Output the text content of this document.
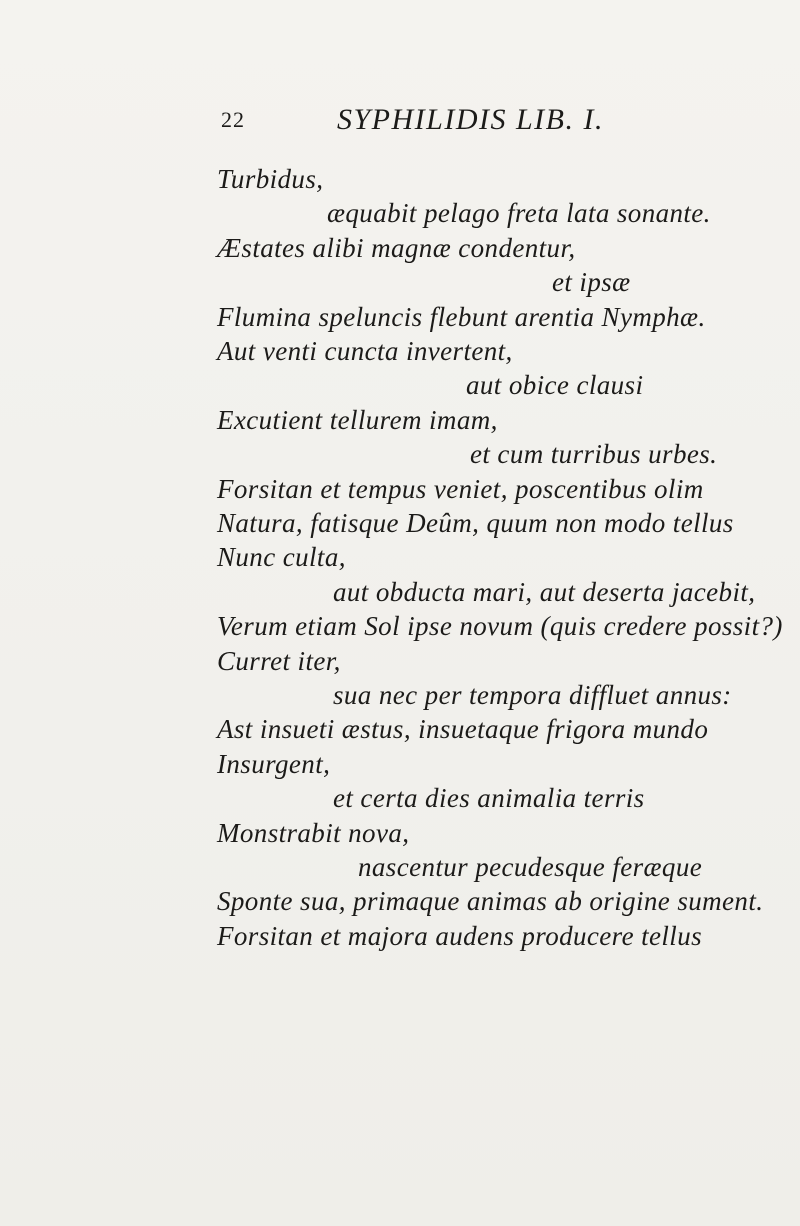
22	SYPHILIDIS LIB. I.
Turbidus,
æquabit pelago freta lata sonante.
Æstates alibi magnæ condentur,
et ipsæ
Flumina speluncis flebunt arentia Nymphæ.
Aut venti cuncta invertent,
aut obice clausi
Excutient tellurem imam,
et cum turribus urbes.
Forsitan et tempus veniet, poscentibus olim
Natura, fatisque Deûm, quum non modo tellus
Nunc culta,
aut obducta mari, aut deserta jacebit,
Verum etiam Sol ipse novum (quis credere possit?)
Curret iter,
sua nec per tempora diffluet annus:
Ast insueti æstus, insuetaque frigora mundo
Insurgent,
et certa dies animalia terris
Monstrabit nova,
nascentur pecudesque feræque
Sponte sua, primaque animas ab origine sument.
Forsitan et majora audens producere tellus
